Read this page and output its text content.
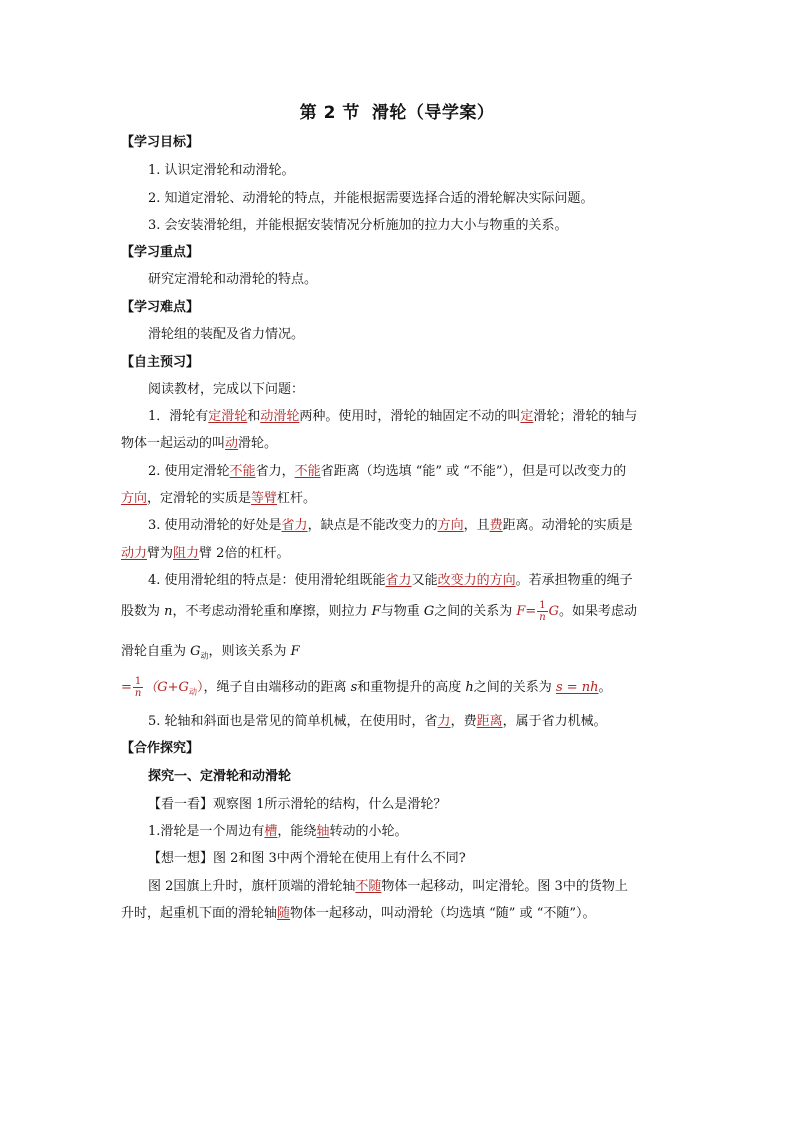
第 2 节 滑轮（导学案）
【学习目标】
1. 认识定滑轮和动滑轮。
2. 知道定滑轮、动滑轮的特点，并能根据需要选择合适的滑轮解决实际问题。
3. 会安装滑轮组，并能根据安装情况分析施加的拉力大小与物重的关系。
【学习重点】
研究定滑轮和动滑轮的特点。
【学习难点】
滑轮组的装配及省力情况。
【自主预习】
阅读教材，完成以下问题：
1．滑轮有定滑轮和动滑轮两种。使用时，滑轮的轴固定不动的叫定滑轮；滑轮的轴与
物体一起运动的叫动滑轮。
2. 使用定滑轮不能省力，不能省距离（均选填 “能” 或 “不能”），但是可以改变力的
方向，定滑轮的实质是等臂杠杆。
3. 使用动滑轮的好处是省力，缺点是不能改变力的方向，且费距离。动滑轮的实质是
动力臂为阻力臂 2倍的杠杆。
4. 使用滑轮组的特点是：使用滑轮组既能省力又能改变力的方向。若承担物重的绳子
股数为 n，不考虑动滑轮重和摩擦，则拉力 F与物重 G之间的关系为 $F= \frac{1}{n}$ G。如果考虑动
滑轮自重为 $G_动$，则该关系为 F
= $\frac{1}{n} (G+G_动)$，绳子自由端移动的距离 s和重物提升的高度 h之间的关系为 s = nh。
5. 轮轴和斜面也是常见的简单机械，在使用时，省力，费距离，属于省力机械。
【合作探究】
探究一、定滑轮和动滑轮
【看一看】观察图 1所示滑轮的结构，什么是滑轮？
1.滑轮是一个周边有槽，能绕轴转动的小轮。
【想一想】图 2和图 3中两个滑轮在使用上有什么不同?
图 2国旗上升时，旗杆顶端的滑轮轴不随物体一起移动，叫定滑轮。图 3中的货物上
升时，起重机下面的滑轮轴随物体一起移动，叫动滑轮（均选填 “随” 或 “不随”）。
